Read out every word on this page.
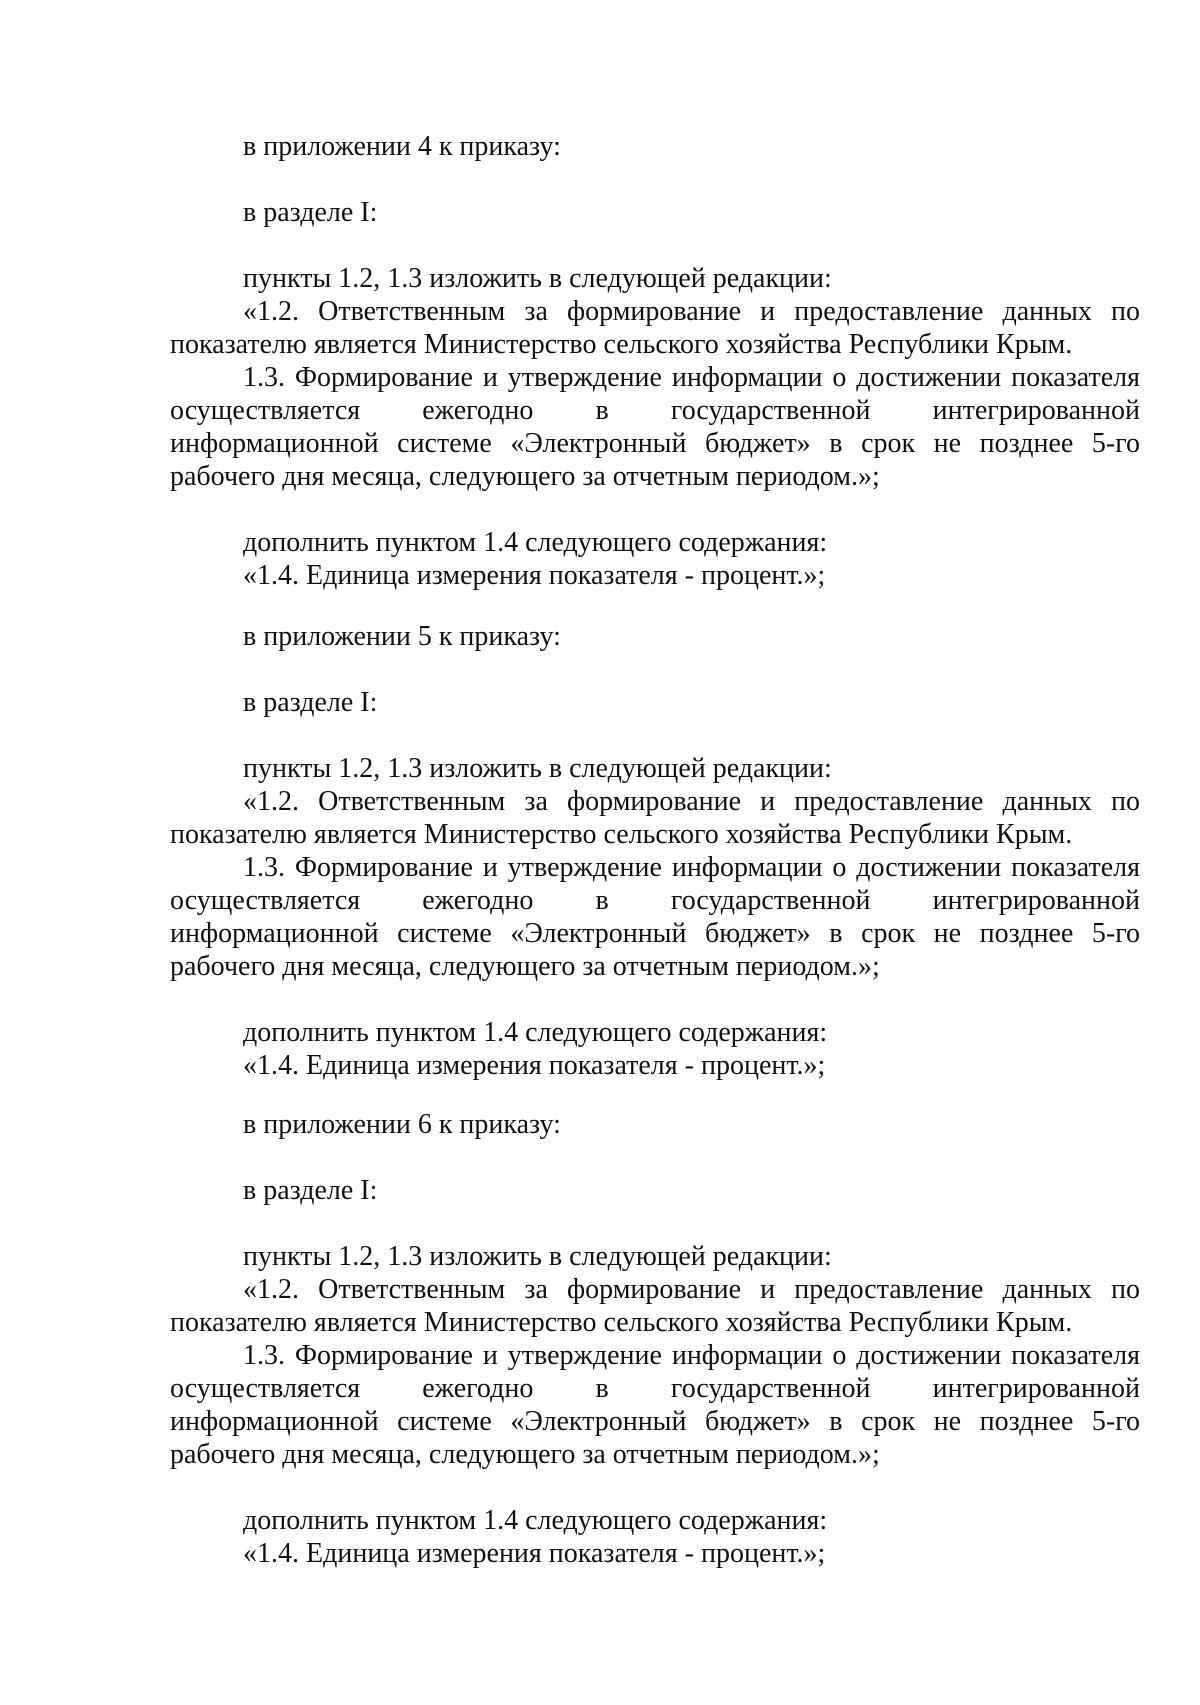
в приложении 4 к приказу:

в разделе I:

пункты 1.2, 1.3 изложить в следующей редакции:

«1.2. Ответственным за формирование и предоставление данных по показателю является Министерство сельского хозяйства Республики Крым.

1.3. Формирование и утверждение информации о достижении показателя

осуществляется ежегодно в государственной интегрированной

информационной системе «Электронный бюджет» в срок не позднее 5-го рабочего дня месяца, следующего за отчетным периодом.»;

дополнить пунктом 1.4 следующего содержания:

«1.4. Единица измерения показателя - процент.»;

в приложении 5 к приказу:

в разделе I:

пункты 1.2, 1.3 изложить в следующей редакции:

«1.2. Ответственным за формирование и предоставление данных по показателю является Министерство сельского хозяйства Республики Крым.

1.3. Формирование и утверждение информации о достижении показателя

осуществляется ежегодно в государственной интегрированной

информационной системе «Электронный бюджет» в срок не позднее 5-го рабочего дня месяца, следующего за отчетным периодом.»;

дополнить пунктом 1.4 следующего содержания:

«1.4. Единица измерения показателя - процент.»;

в приложении 6 к приказу:

в разделе I:

пункты 1.2, 1.3 изложить в следующей редакции:

«1.2. Ответственным за формирование и предоставление данных по показателю является Министерство сельского хозяйства Республики Крым.

1.3. Формирование и утверждение информации о достижении показателя

осуществляется ежегодно в государственной интегрированной

информационной системе «Электронный бюджет» в срок не позднее 5-го рабочего дня месяца, следующего за отчетным периодом.»;

дополнить пунктом 1.4 следующего содержания:

«1.4. Единица измерения показателя - процент.»;
